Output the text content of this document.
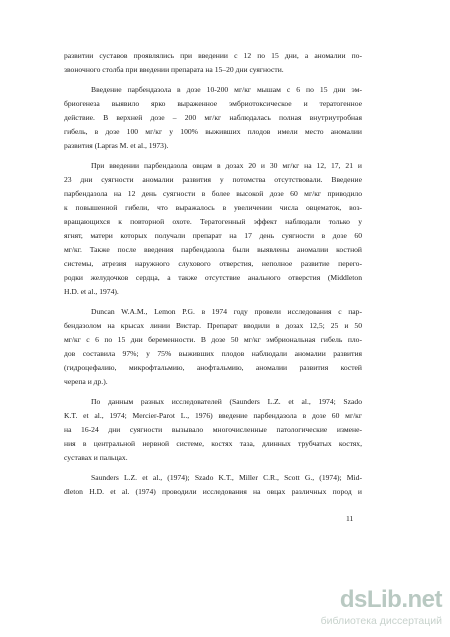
развитии суставов проявлялись при введении с 12 по 15 дни, а аномалии по-
звоночного столба при введении препарата на 15–20 дни суягности.
Введение парбендазола в дозе 10-200 мг/кг мышам с 6 по 15 дни эм-
бриогенеза выявило ярко выраженное эмбриотоксическое и тератогенное
действие. В верхней дозе – 200 мг/кг наблюдалась полная внутриутробная
гибель, в дозе 100 мг/кг у 100% выживших плодов имели место аномалии
развития (Lapras M. et al., 1973).
При введении парбендазола овцам в дозах 20 и 30 мг/кг на 12, 17, 21 и
23 дни суягности аномалии развития у потомства отсутствовали. Введение
парбендазола на 12 день суягности в более высокой дозе 60 мг/кг приводило
к повышенной гибели, что выражалось в увеличении числа овцематок, воз-
вращающихся к повторной охоте. Тератогенный эффект наблюдали только у
ягнят, матери которых получали препарат на 17 день суягности в дозе 60
мг/кг. Также после введения парбендазола были выявлены аномалии костной
системы, атрезия наружного слухового отверстия, неполное развитие перего-
родки желудочков сердца, а также отсутствие анального отверстия (Middleton
H.D. et al., 1974).
Duncan W.A.M., Lemon P.G. в 1974 году провели исследования с пар-
бендазолом на крысах линии Вистар. Препарат вводили в дозах 12,5; 25 и 50
мг/кг с 6 по 15 дни беременности. В дозе 50 мг/кг эмбриональная гибель пло-
дов составила 97%; у 75% выживших плодов наблюдали аномалии развития
(гидроцефалию, микрофтальмию, анофтальмию, аномалии развития костей
черепа и др.).
По данным разных исследователей (Saunders L.Z. et al., 1974; Szado
K.T. et al., 1974; Mercier-Parot L., 1976) введение парбендазола в дозе 60 мг/кг
на 16-24 дни суягности вызывало многочисленные патологические измене-
ния в центральной нервной системе, костях таза, длинных трубчатых костях,
суставах и пальцах.
Saunders L.Z. et al., (1974); Szado K.T., Miller C.R., Scott G., (1974); Mid-
dleton H.D. et al. (1974) проводили исследования на овцах различных пород и
11
dsLib.net
библиотека диссертаций
